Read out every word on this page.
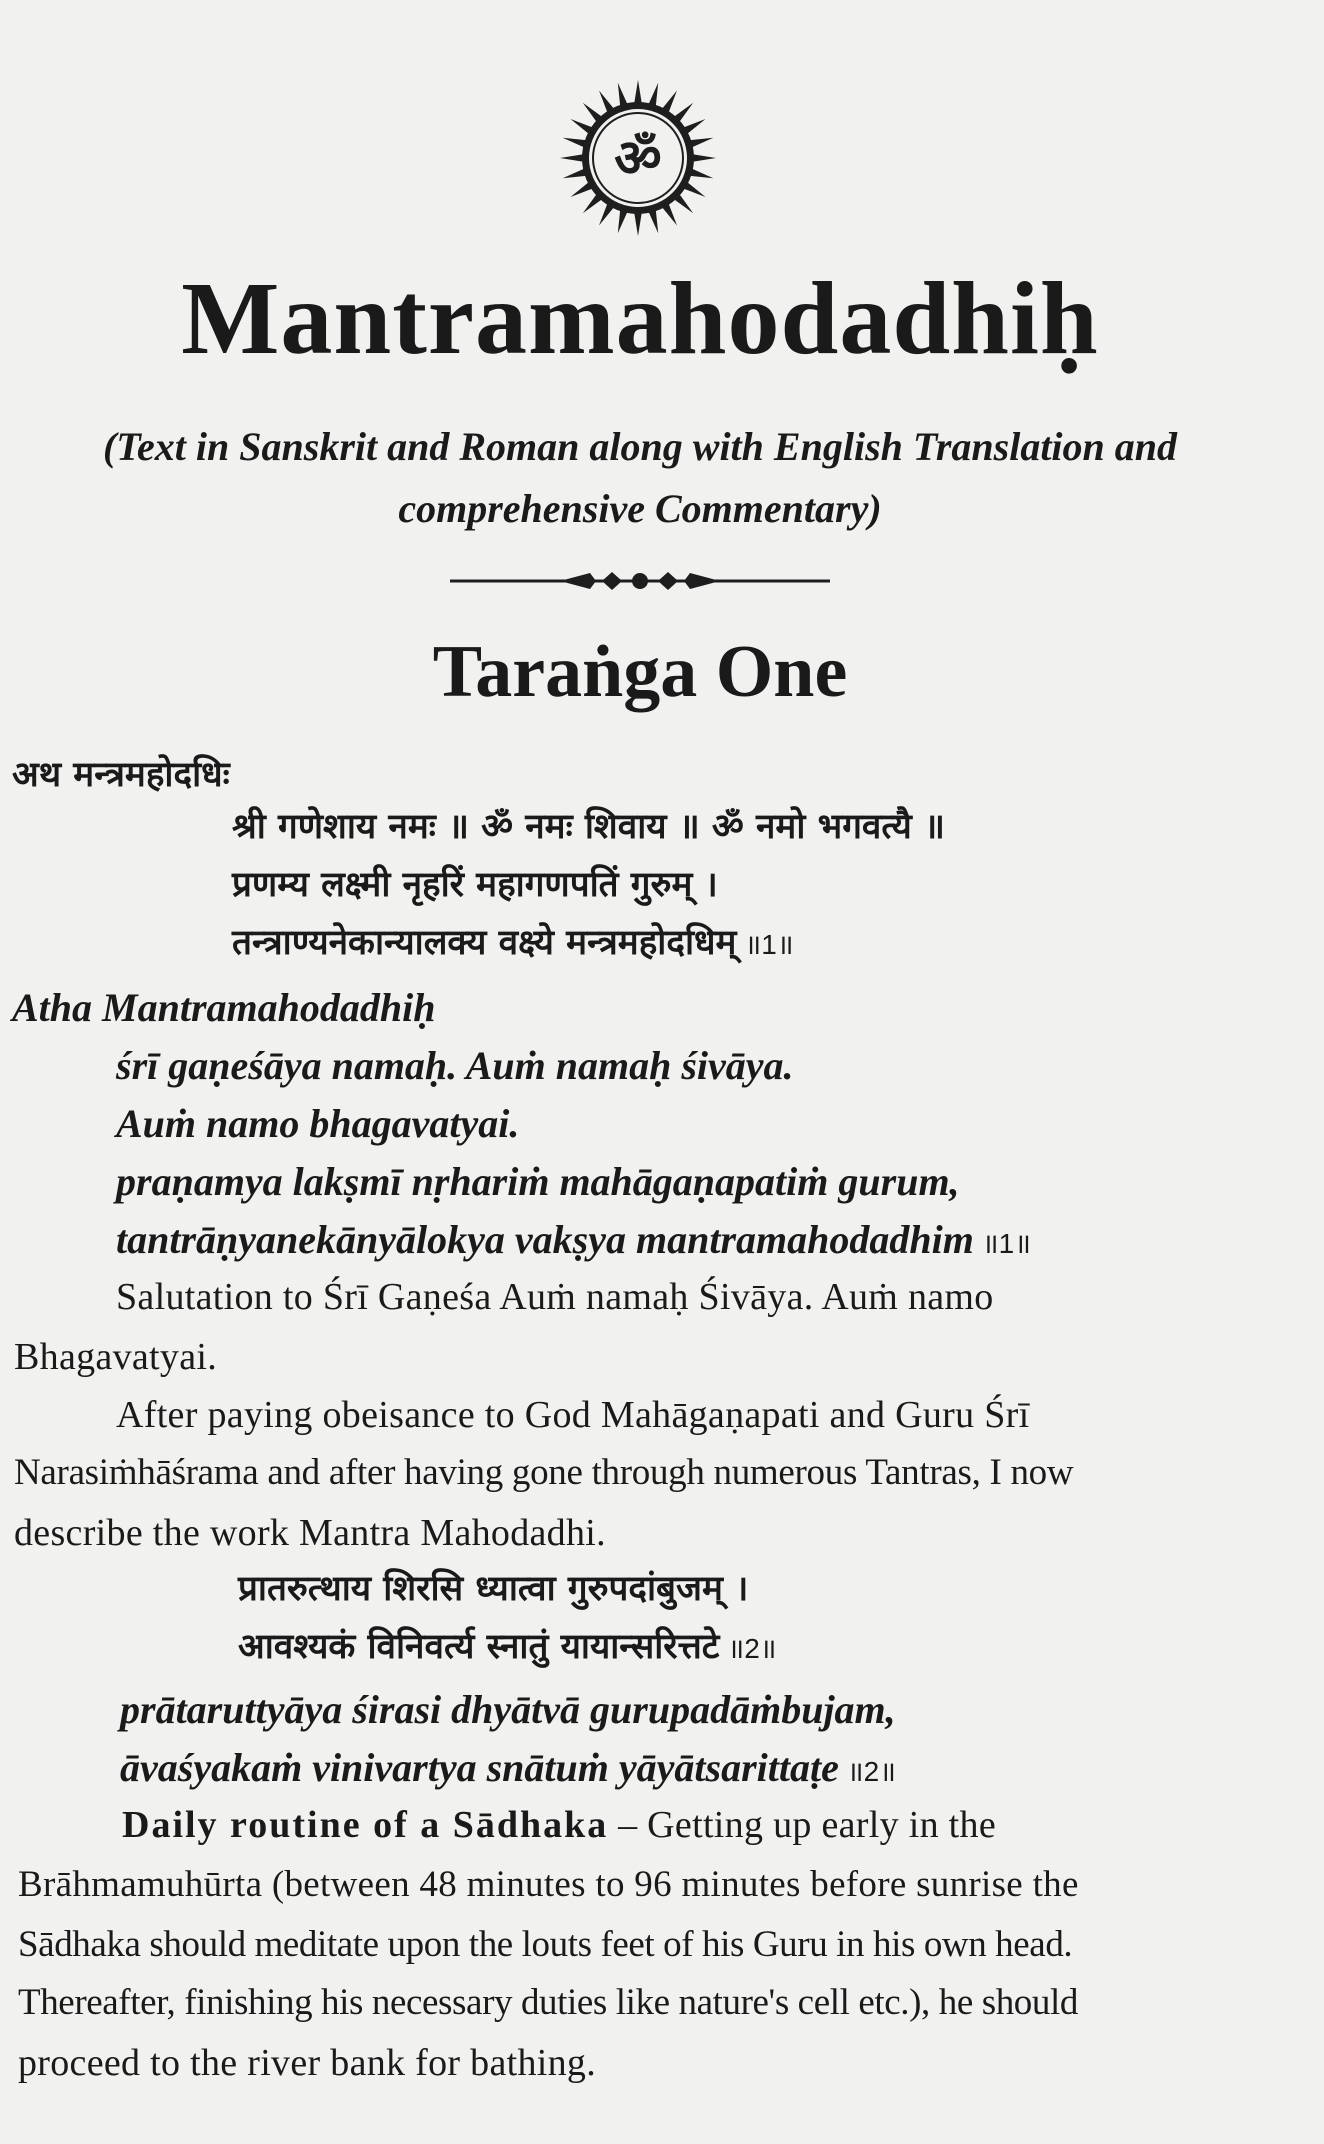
ॐ
Mantramahodadhiḥ
(Text in Sanskrit and Roman along with English Translation and
comprehensive Commentary)
Taraṅga One
अथ मन्त्रमहोदधिः
श्री गणेशाय नमः ॥ ॐ नमः शिवाय ॥ ॐ नमो भगवत्यै ॥
प्रणम्य लक्ष्मी नृहरिं महागणपतिं गुरुम् ।
तन्त्राण्यनेकान्यालक्य वक्ष्ये मन्त्रमहोदधिम् ॥1॥
Atha Mantramahodadhiḥ
śrī gaṇeśāya namaḥ. Auṁ namaḥ śivāya.
Auṁ namo bhagavatyai.
praṇamya lakṣmī nṛhariṁ mahāgaṇapatiṁ gurum,
tantrāṇyanekānyālokya vakṣya mantramahodadhim ॥1॥
Salutation to Śrī Gaṇeśa Auṁ namaḥ Śivāya. Auṁ namo
Bhagavatyai.
After paying obeisance to God Mahāgaṇapati and Guru Śrī
Narasiṁhāśrama and after having gone through numerous Tantras, I now
describe the work Mantra Mahodadhi.
प्रातरुत्थाय शिरसि ध्यात्वा गुरुपदांबुजम् ।
आवश्यकं विनिवर्त्य स्नातुं यायान्सरित्तटे ॥2॥
prātaruttyāya śirasi dhyātvā gurupadāṁbujam,
āvaśyakaṁ vinivartya snātuṁ yāyātsarittaṭe ॥2॥
Daily routine of a Sādhaka – Getting up early in the
Brāhmamuhūrta (between 48 minutes to 96 minutes before sunrise the
Sādhaka should meditate upon the louts feet of his Guru in his own head.
Thereafter, finishing his necessary duties like nature's cell etc.), he should
proceed to the river bank for bathing.
